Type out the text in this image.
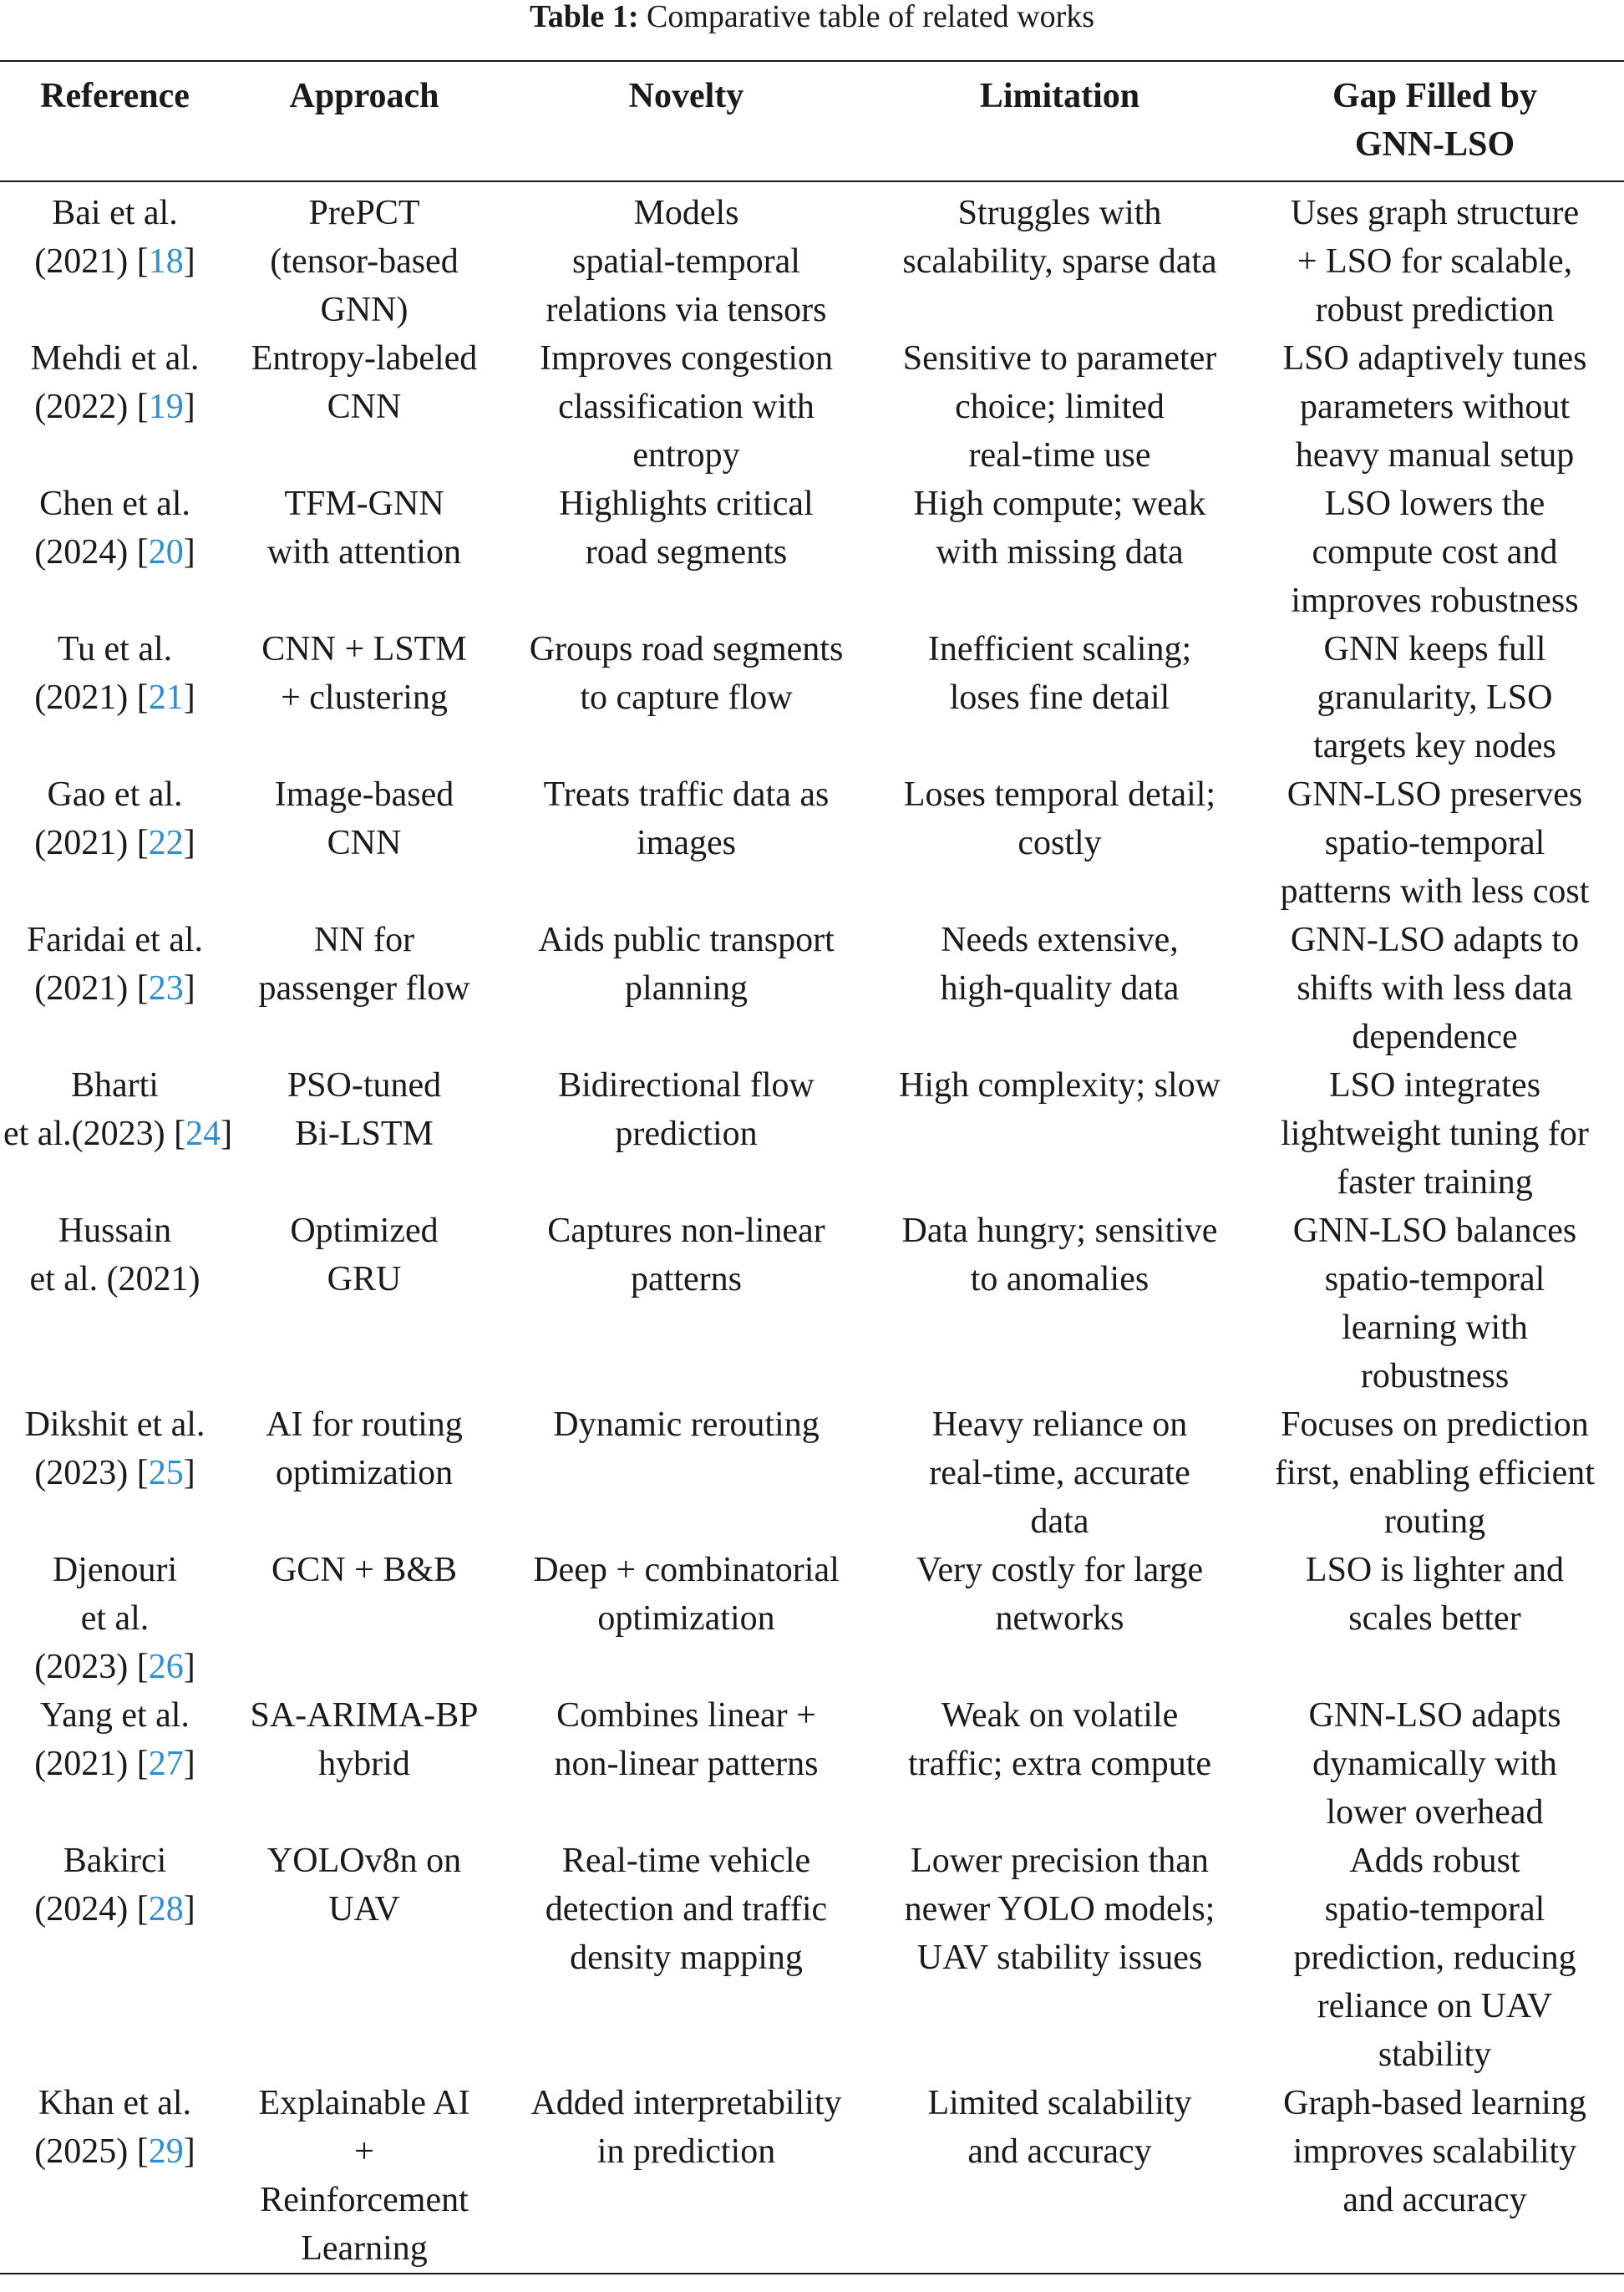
Table 1: Comparative table of related works
Reference	Approach	Novelty	Limitation	Gap Filled by
GNN-LSO

Bai et al.
(2021) [18]	PrePCT
(tensor-based
GNN)	Models
spatial-temporal
relations via tensors	Struggles with
scalability, sparse data	Uses graph structure
+ LSO for scalable,
robust prediction

Mehdi et al.
(2022) [19]	Entropy-labeled
CNN	Improves congestion
classification with
entropy	Sensitive to parameter
choice; limited
real-time use	LSO adaptively tunes
parameters without
heavy manual setup

Chen et al.
(2024) [20]	TFM-GNN
with attention	Highlights critical
road segments	High compute; weak
with missing data	LSO lowers the
compute cost and
improves robustness

Tu et al.
(2021) [21]	CNN + LSTM
+ clustering	Groups road segments
to capture flow	Inefficient scaling;
loses fine detail	GNN keeps full
granularity, LSO
targets key nodes

Gao et al.
(2021) [22]	Image-based
CNN	Treats traffic data as
images	Loses temporal detail;
costly	GNN-LSO preserves
spatio-temporal
patterns with less cost

Faridai et al.
(2021) [23]	NN for
passenger flow	Aids public transport
planning	Needs extensive,
high-quality data	GNN-LSO adapts to
shifts with less data
dependence

Bharti
et al.(2023) [24]	PSO-tuned
Bi-LSTM	Bidirectional flow
prediction	High complexity; slow	LSO integrates
lightweight tuning for
faster training

Hussain
et al. (2021)	Optimized
GRU	Captures non-linear
patterns	Data hungry; sensitive
to anomalies	GNN-LSO balances
spatio-temporal
learning with
robustness

Dikshit et al.
(2023) [25]	AI for routing
optimization	Dynamic rerouting	Heavy reliance on
real-time, accurate
data	Focuses on prediction
first, enabling efficient
routing

Djenouri
et al.
(2023) [26]	GCN + B&B	Deep + combinatorial
optimization	Very costly for large
networks	LSO is lighter and
scales better

Yang et al.
(2021) [27]	SA-ARIMA-BP
hybrid	Combines linear +
non-linear patterns	Weak on volatile
traffic; extra compute	GNN-LSO adapts
dynamically with
lower overhead

Bakirci
(2024) [28]	YOLOv8n on
UAV	Real-time vehicle
detection and traffic
density mapping	Lower precision than
newer YOLO models;
UAV stability issues	Adds robust
spatio-temporal
prediction, reducing
reliance on UAV
stability

Khan et al.
(2025) [29]	Explainable AI
+
Reinforcement
Learning	Added interpretability
in prediction	Limited scalability
and accuracy	Graph-based learning
improves scalability
and accuracy
